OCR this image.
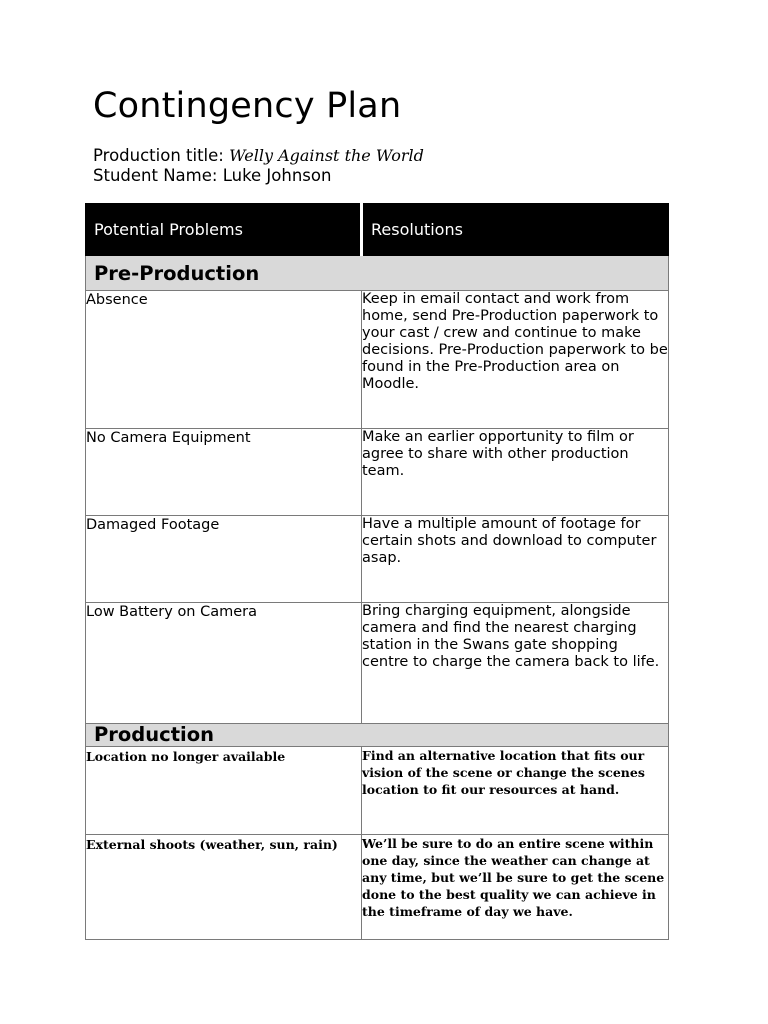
Contingency Plan
Production title: Welly Against the World
Student Name: Luke Johnson
Potential Problems	Resolutions
Pre-Production	
Absence	Keep in email contact and work from home, send Pre-Production paperwork to your cast / crew and continue to make decisions. Pre-Production paperwork to be found in the Pre-Production area on Moodle.
No Camera Equipment	Make an earlier opportunity to film or agree to share with other production team.
Damaged Footage	Have a multiple amount of footage for certain shots and download to computer asap.
Low Battery on Camera	Bring charging equipment, alongside camera and find the nearest charging station in the Swans gate shopping centre to charge the camera back to life.
Production	
Location no longer available	Find an alternative location that fits our vision of the scene or change the scenes location to fit our resources at hand.
External shoots (weather, sun, rain)	We’ll be sure to do an entire scene within one day, since the weather can change at any time, but we’ll be sure to get the scene done to the best quality we can achieve in the timeframe of day we have.
